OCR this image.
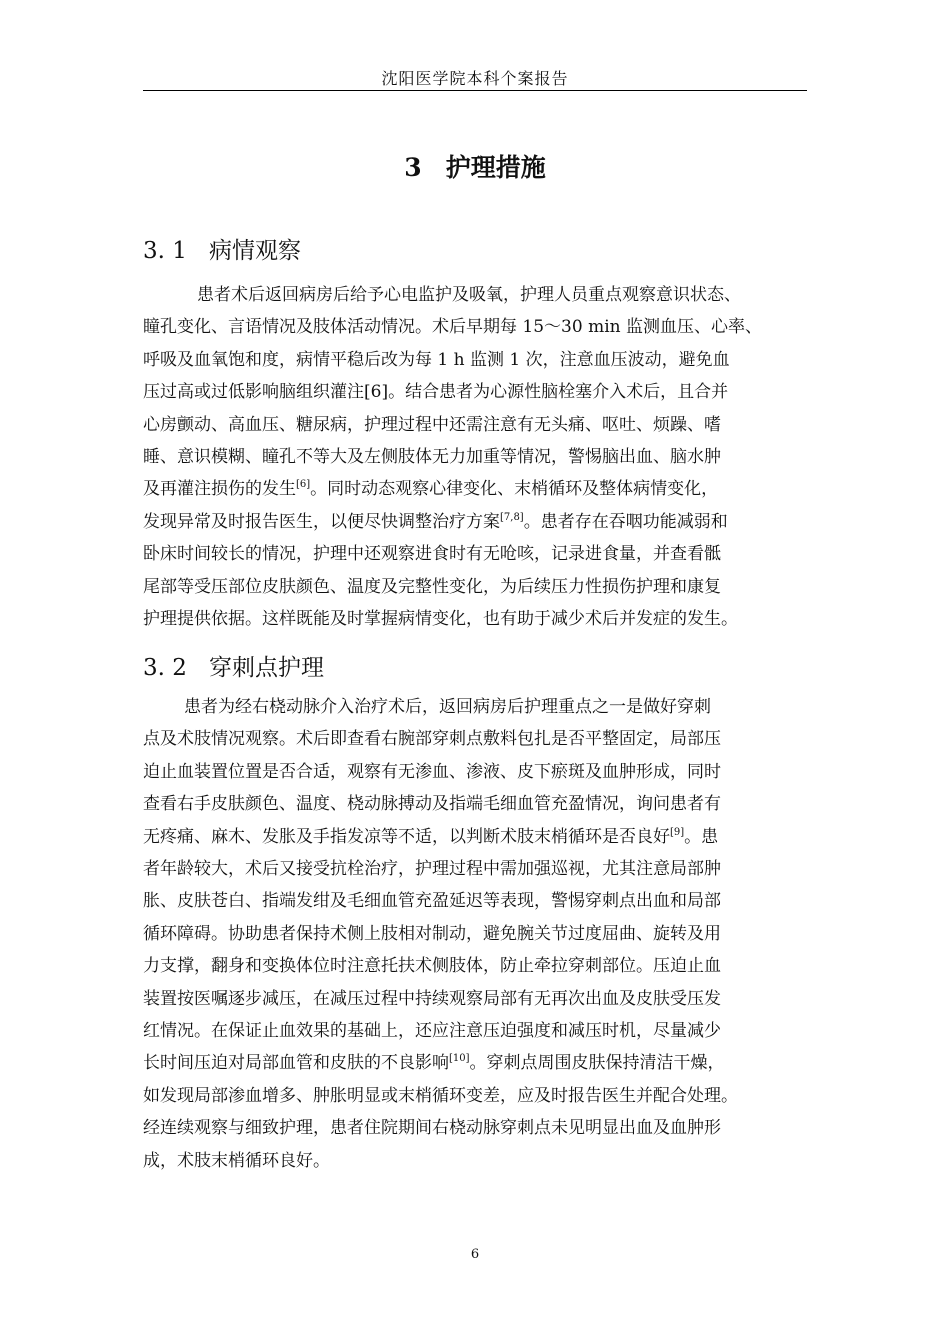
沈阳医学院本科个案报告
3 护理措施
3. 1 病情观察
患者术后返回病房后给予心电监护及吸氧，护理人员重点观察意识状态、
瞳孔变化、言语情况及肢体活动情况。术后早期每 15～30 min 监测血压、心率、
呼吸及血氧饱和度，病情平稳后改为每 1 h 监测 1 次，注意血压波动，避免血
压过高或过低影响脑组织灌注[6]。结合患者为心源性脑栓塞介入术后，且合并
心房颤动、高血压、糖尿病，护理过程中还需注意有无头痛、呕吐、烦躁、嗜
睡、意识模糊、瞳孔不等大及左侧肢体无力加重等情况，警惕脑出血、脑水肿
及再灌注损伤的发生[6]。同时动态观察心律变化、末梢循环及整体病情变化，
发现异常及时报告医生，以便尽快调整治疗方案[7,8]。患者存在吞咽功能减弱和
卧床时间较长的情况，护理中还观察进食时有无呛咳，记录进食量，并查看骶
尾部等受压部位皮肤颜色、温度及完整性变化，为后续压力性损伤护理和康复
护理提供依据。这样既能及时掌握病情变化，也有助于减少术后并发症的发生。
3. 2 穿刺点护理
患者为经右桡动脉介入治疗术后，返回病房后护理重点之一是做好穿刺
点及术肢情况观察。术后即查看右腕部穿刺点敷料包扎是否平整固定，局部压
迫止血装置位置是否合适，观察有无渗血、渗液、皮下瘀斑及血肿形成，同时
查看右手皮肤颜色、温度、桡动脉搏动及指端毛细血管充盈情况，询问患者有
无疼痛、麻木、发胀及手指发凉等不适，以判断术肢末梢循环是否良好[9]。患
者年龄较大，术后又接受抗栓治疗，护理过程中需加强巡视，尤其注意局部肿
胀、皮肤苍白、指端发绀及毛细血管充盈延迟等表现，警惕穿刺点出血和局部
循环障碍。协助患者保持术侧上肢相对制动，避免腕关节过度屈曲、旋转及用
力支撑，翻身和变换体位时注意托扶术侧肢体，防止牵拉穿刺部位。压迫止血
装置按医嘱逐步减压，在减压过程中持续观察局部有无再次出血及皮肤受压发
红情况。在保证止血效果的基础上，还应注意压迫强度和减压时机，尽量减少
长时间压迫对局部血管和皮肤的不良影响[10]。穿刺点周围皮肤保持清洁干燥，
如发现局部渗血增多、肿胀明显或末梢循环变差，应及时报告医生并配合处理。
经连续观察与细致护理，患者住院期间右桡动脉穿刺点未见明显出血及血肿形
成，术肢末梢循环良好。
6
